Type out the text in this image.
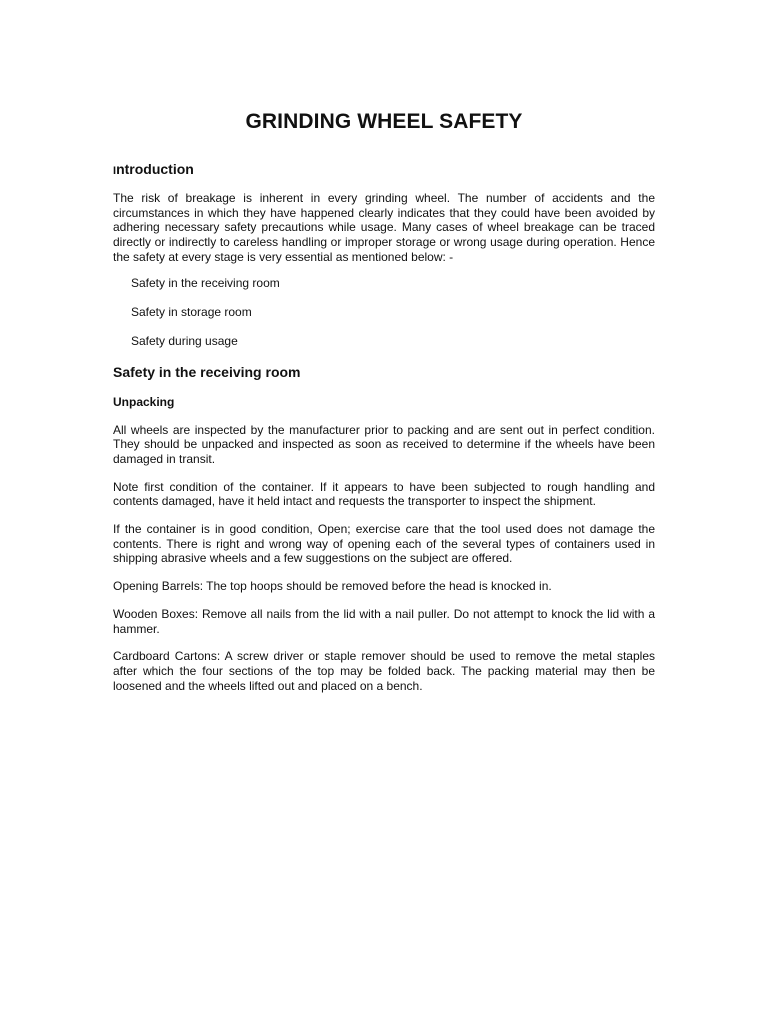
GRINDING WHEEL SAFETY
Introduction

The risk of breakage is inherent in every grinding wheel. The number of accidents and the circumstances in which they have happened clearly indicates that they could have been avoided by adhering necessary safety precautions while usage. Many cases of wheel breakage can be traced directly or indirectly to careless handling or improper storage or wrong usage during operation. Hence the safety at every stage is very essential as mentioned below: -

Safety in the receiving room
Safety in storage room
Safety during usage
Safety in the receiving room
Unpacking

All wheels are inspected by the manufacturer prior to packing and are sent out in perfect condition. They should be unpacked and inspected as soon as received to determine if the wheels have been damaged in transit.

Note first condition of the container. If it appears to have been subjected to rough handling and contents damaged, have it held intact and requests the transporter to inspect the shipment.

If the container is in good condition, Open; exercise care that the tool used does not damage the contents. There is right and wrong way of opening each of the several types of containers used in shipping abrasive wheels and a few suggestions on the subject are offered.

Opening Barrels: The top hoops should be removed before the head is knocked in.

Wooden Boxes: Remove all nails from the lid with a nail puller. Do not attempt to knock the lid with a hammer.

Cardboard Cartons: A screw driver or staple remover should be used to remove the metal staples after which the four sections of the top may be folded back. The packing material may then be loosened and the wheels lifted out and placed on a bench.
